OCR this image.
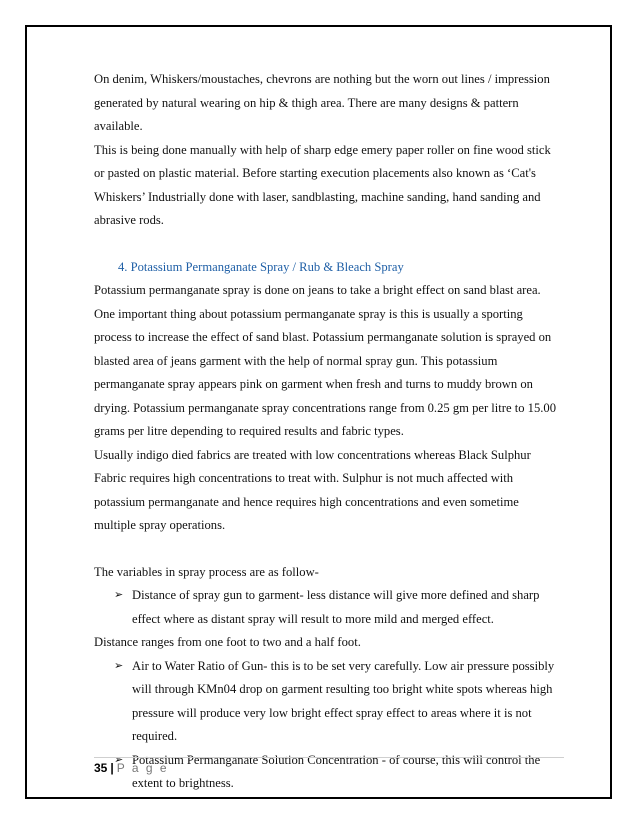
On denim, Whiskers/moustaches, chevrons are nothing but the worn out lines / impression generated by natural wearing on hip & thigh area. There are many designs & pattern available.

This is being done manually with help of sharp edge emery paper roller on fine wood stick or pasted on plastic material. Before starting execution placements also known as ‘Cat's Whiskers’ Industrially done with laser, sandblasting, machine sanding, hand sanding and abrasive rods.

4. Potassium Permanganate Spray / Rub & Bleach Spray

Potassium permanganate spray is done on jeans to take a bright effect on sand blast area. One important thing about potassium permanganate spray is this is usually a sporting process to increase the effect of sand blast. Potassium permanganate solution is sprayed on blasted area of jeans garment with the help of normal spray gun. This potassium permanganate spray appears pink on garment when fresh and turns to muddy brown on drying. Potassium permanganate spray concentrations range from 0.25 gm per litre to 15.00 grams per litre depending to required results and fabric types.

Usually indigo died fabrics are treated with low concentrations whereas Black Sulphur Fabric requires high concentrations to treat with. Sulphur is not much affected with potassium permanganate and hence requires high concentrations and even sometime multiple spray operations.

The variables in spray process are as follow-

➢ Distance of spray gun to garment- less distance will give more defined and sharp effect where as distant spray will result to more mild and merged effect.

Distance ranges from one foot to two and a half foot.

➢ Air to Water Ratio of Gun- this is to be set very carefully. Low air pressure possibly will through KMn04 drop on garment resulting too bright white spots whereas high pressure will produce very low bright effect spray effect to areas where it is not required.

➢ Potassium Permanganate Solution Concentration - of course, this will control the extent to brightness.

35 | P a g e
